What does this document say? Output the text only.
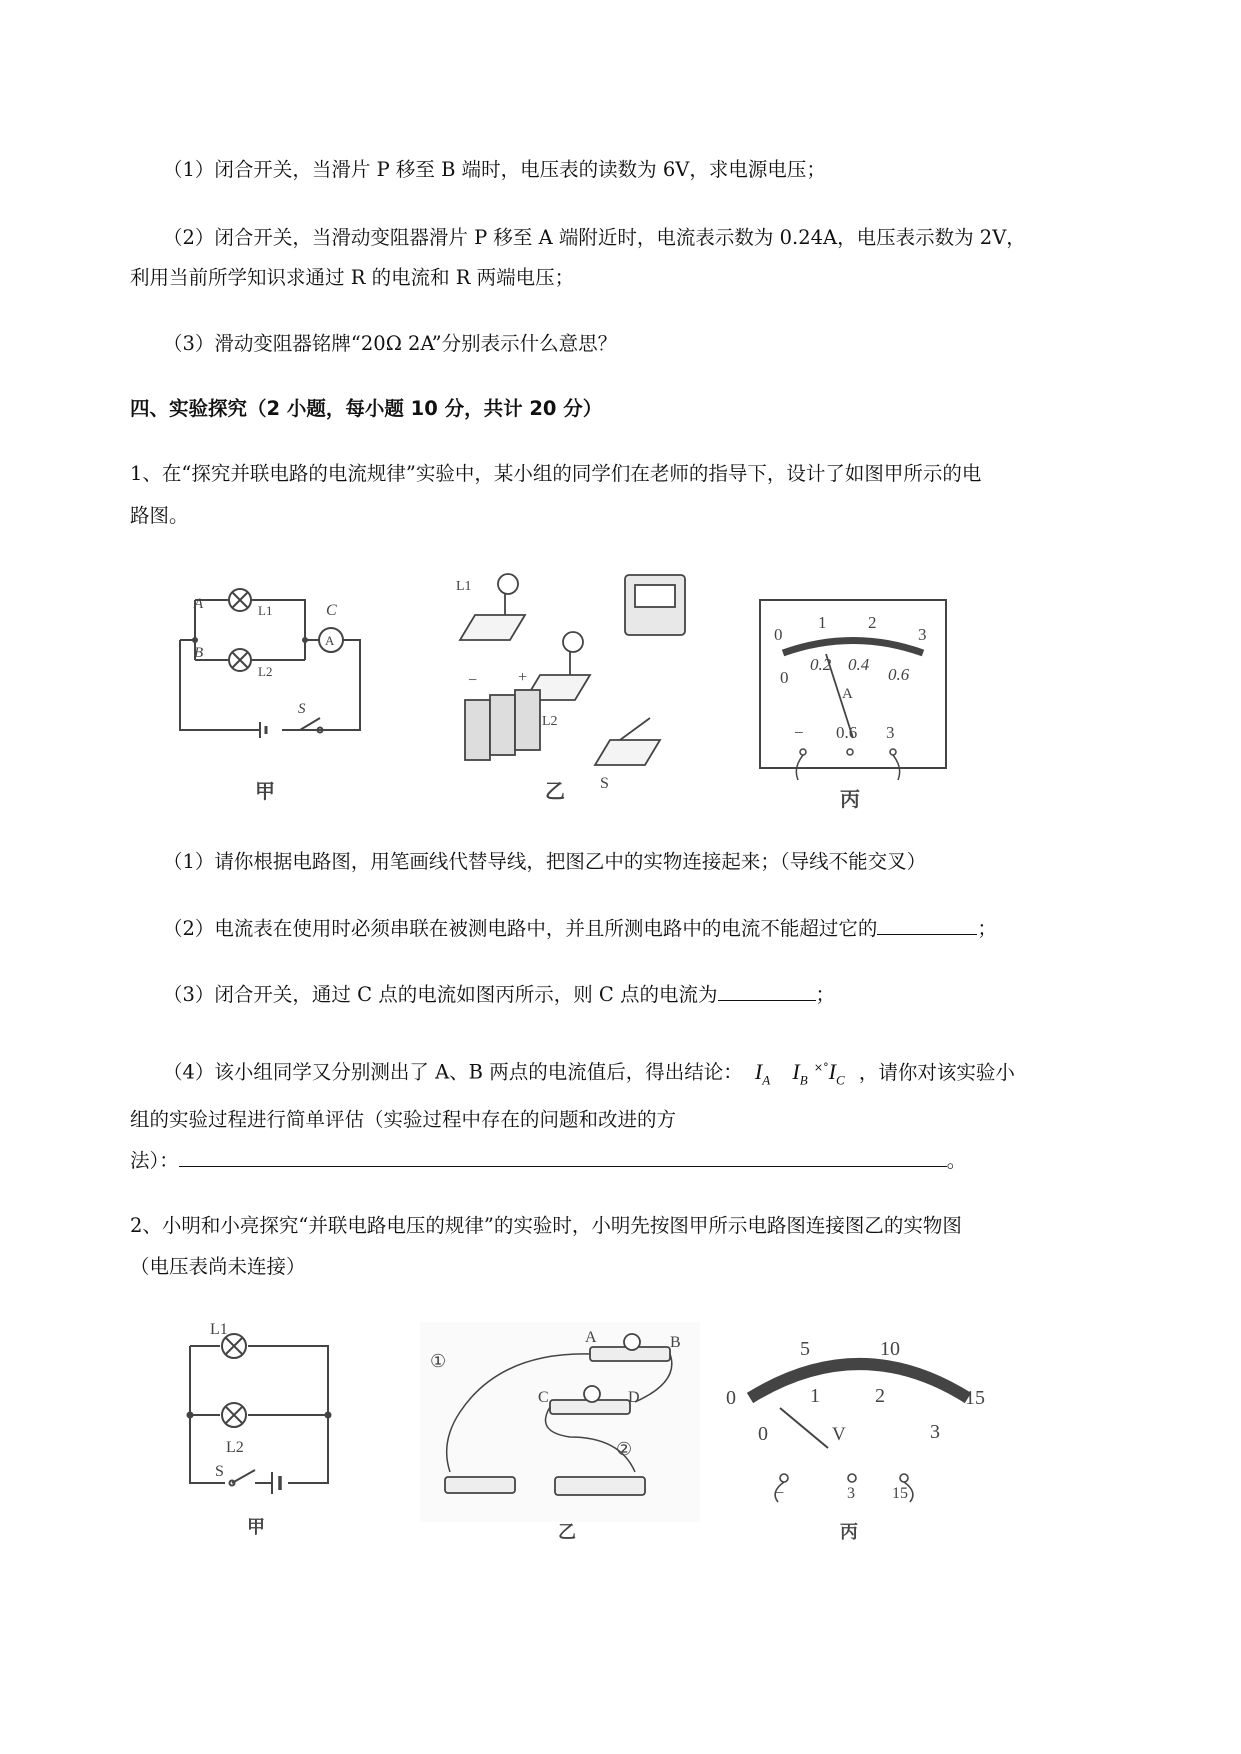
（1）闭合开关，当滑片 P 移至 B 端时，电压表的读数为 6V，求电源电压；
（2）闭合开关，当滑动变阻器滑片 P 移至 A 端附近时，电流表示数为 0.24A，电压表示数为 2V，
利用当前所学知识求通过 R 的电流和 R 两端电压；
（3）滑动变阻器铭牌“20Ω 2A”分别表示什么意思？
四、实验探究（2 小题，每小题 10 分，共计 20 分）
1、在“探究并联电路的电流规律”实验中，某小组的同学们在老师的指导下，设计了如图甲所示的电
路图。
A
B
C
L1
L2
A
S
甲
L1
L2
−	+
S
乙
0
1 2
3
0
0.2 0.4
0.6
A
− 0.6 3
丙
（1）请你根据电路图，用笔画线代替导线，把图乙中的实物连接起来；（导线不能交叉）
（2）电流表在使用时必须串联在被测电路中，并且所测电路中的电流不能超过它的	；
（3）闭合开关，通过 C 点的电流如图丙所示，则 C 点的电流为	；
（4）该小组同学又分别测出了 A、B 两点的电流值后，得出结论： $I_A$ $I_B$ $^{\times^\circ}I_C$ ，请你对该实验小
组的实验过程进行简单评估（实验过程中存在的问题和改进的方
法）：	。
2、小明和小亮探究“并联电路电压的规律”的实验时，小明先按图甲所示电路图连接图乙的实物图
（电压表尚未连接）
L1
L2
S
甲
①
②
A	B
C	D
乙
0
5	10
15
0
1	2
3
V
−	3 15
丙
